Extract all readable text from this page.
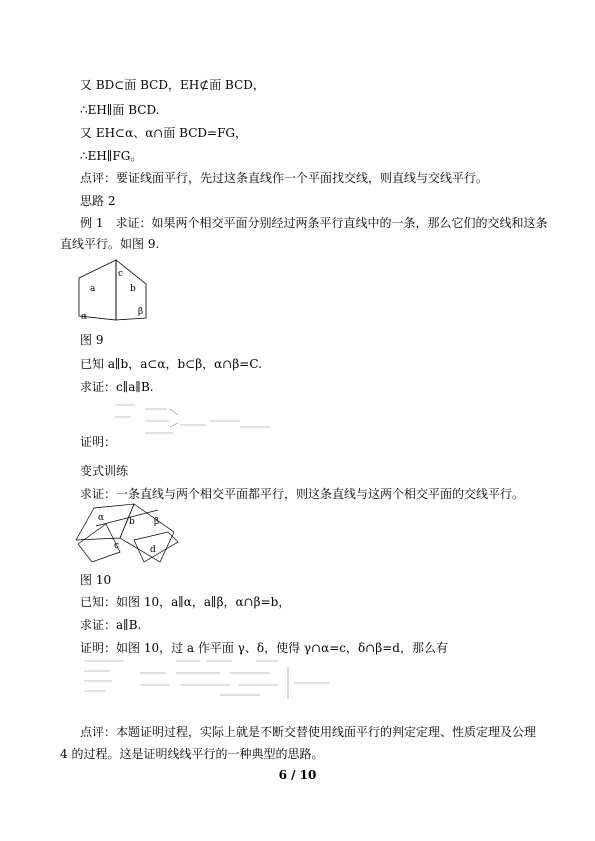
又 BD⊂面 BCD，EH⊄面 BCD，
∴EH∥面 BCD.
又 EH⊂α、α∩面 BCD=FG，
∴EH∥FG。
点评：要证线面平行，先过这条直线作一个平面找交线，则直线与交线平行。
思路 2
例 1　求证：如果两个相交平面分别经过两条平行直线中的一条，那么它们的交线和这条
直线平行。如图 9.
a
c
b
α	β
图 9
已知 a∥b，a⊂α，b⊂β，α∩β=C.
求证：c∥a∥B.
证明：
变式训练
求证：一条直线与两个相交平面都平行，则这条直线与这两个相交平面的交线平行。
α	b β
c	d
图 10
已知：如图 10，a∥α，a∥β，α∩β=b，
求证：a∥B.
证明：如图 10，过 a 作平面 γ、δ，使得 γ∩α=c，δ∩β=d，那么有
点评：本题证明过程，实际上就是不断交替使用线面平行的判定定理、性质定理及公理
4 的过程。这是证明线线平行的一种典型的思路。
6 / 10
